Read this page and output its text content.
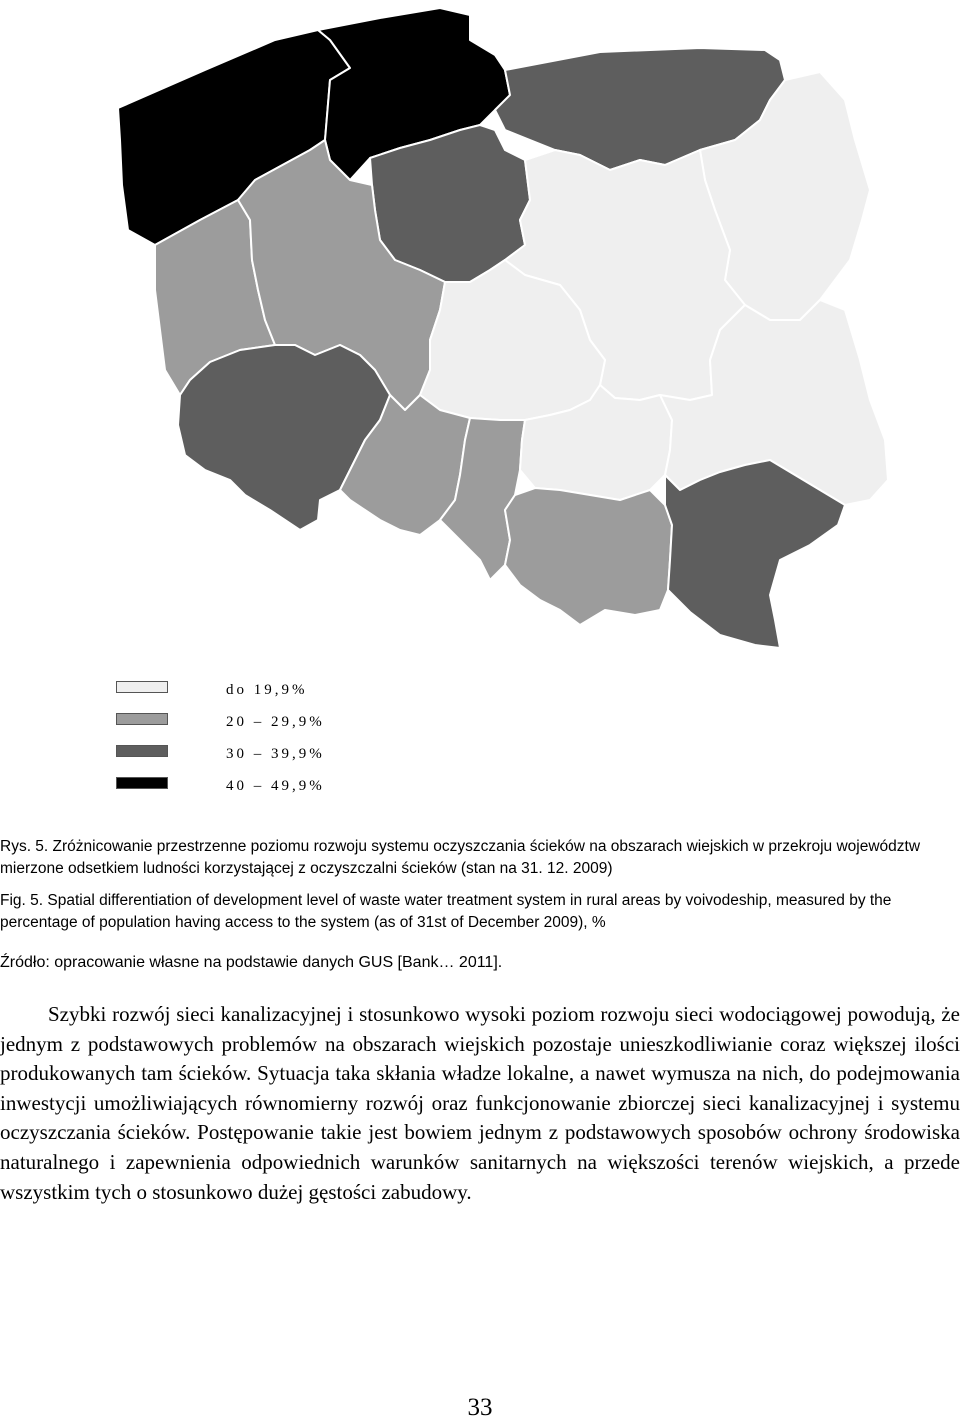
do 19,9%
20 – 29,9%
30 – 39,9%
40 – 49,9%
Rys. 5. Zróżnicowanie przestrzenne poziomu rozwoju systemu oczyszczania ścieków na obszarach wiejskich w przekroju województw mierzone odsetkiem ludności korzystającej z oczyszczalni ścieków (stan na 31. 12. 2009)
Fig. 5. Spatial differentiation of development level of waste water treatment system in rural areas by voivodeship, measured by the percentage of population having access to the system (as of 31st of December 2009), %
Źródło: opracowanie własne na podstawie danych GUS [Bank… 2011].

Szybki rozwój sieci kanalizacyjnej i stosunkowo wysoki poziom rozwoju sieci wodociągowej powodują, że jednym z podstawowych problemów na obszarach wiejskich pozostaje unieszkodliwianie coraz większej ilości produkowanych tam ścieków. Sytuacja taka skłania władze lokalne, a nawet wymusza na nich, do podejmowania inwestycji umożliwiających równomierny rozwój oraz funkcjonowanie zbiorczej sieci kanalizacyjnej i systemu oczyszczania ścieków. Postępowanie takie jest bowiem jednym z podstawowych sposobów ochrony środowiska naturalnego i zapewnienia odpowiednich warunków sanitarnych na większości terenów wiejskich, a przede wszystkim tych o stosunkowo dużej gęstości zabudowy.

33
